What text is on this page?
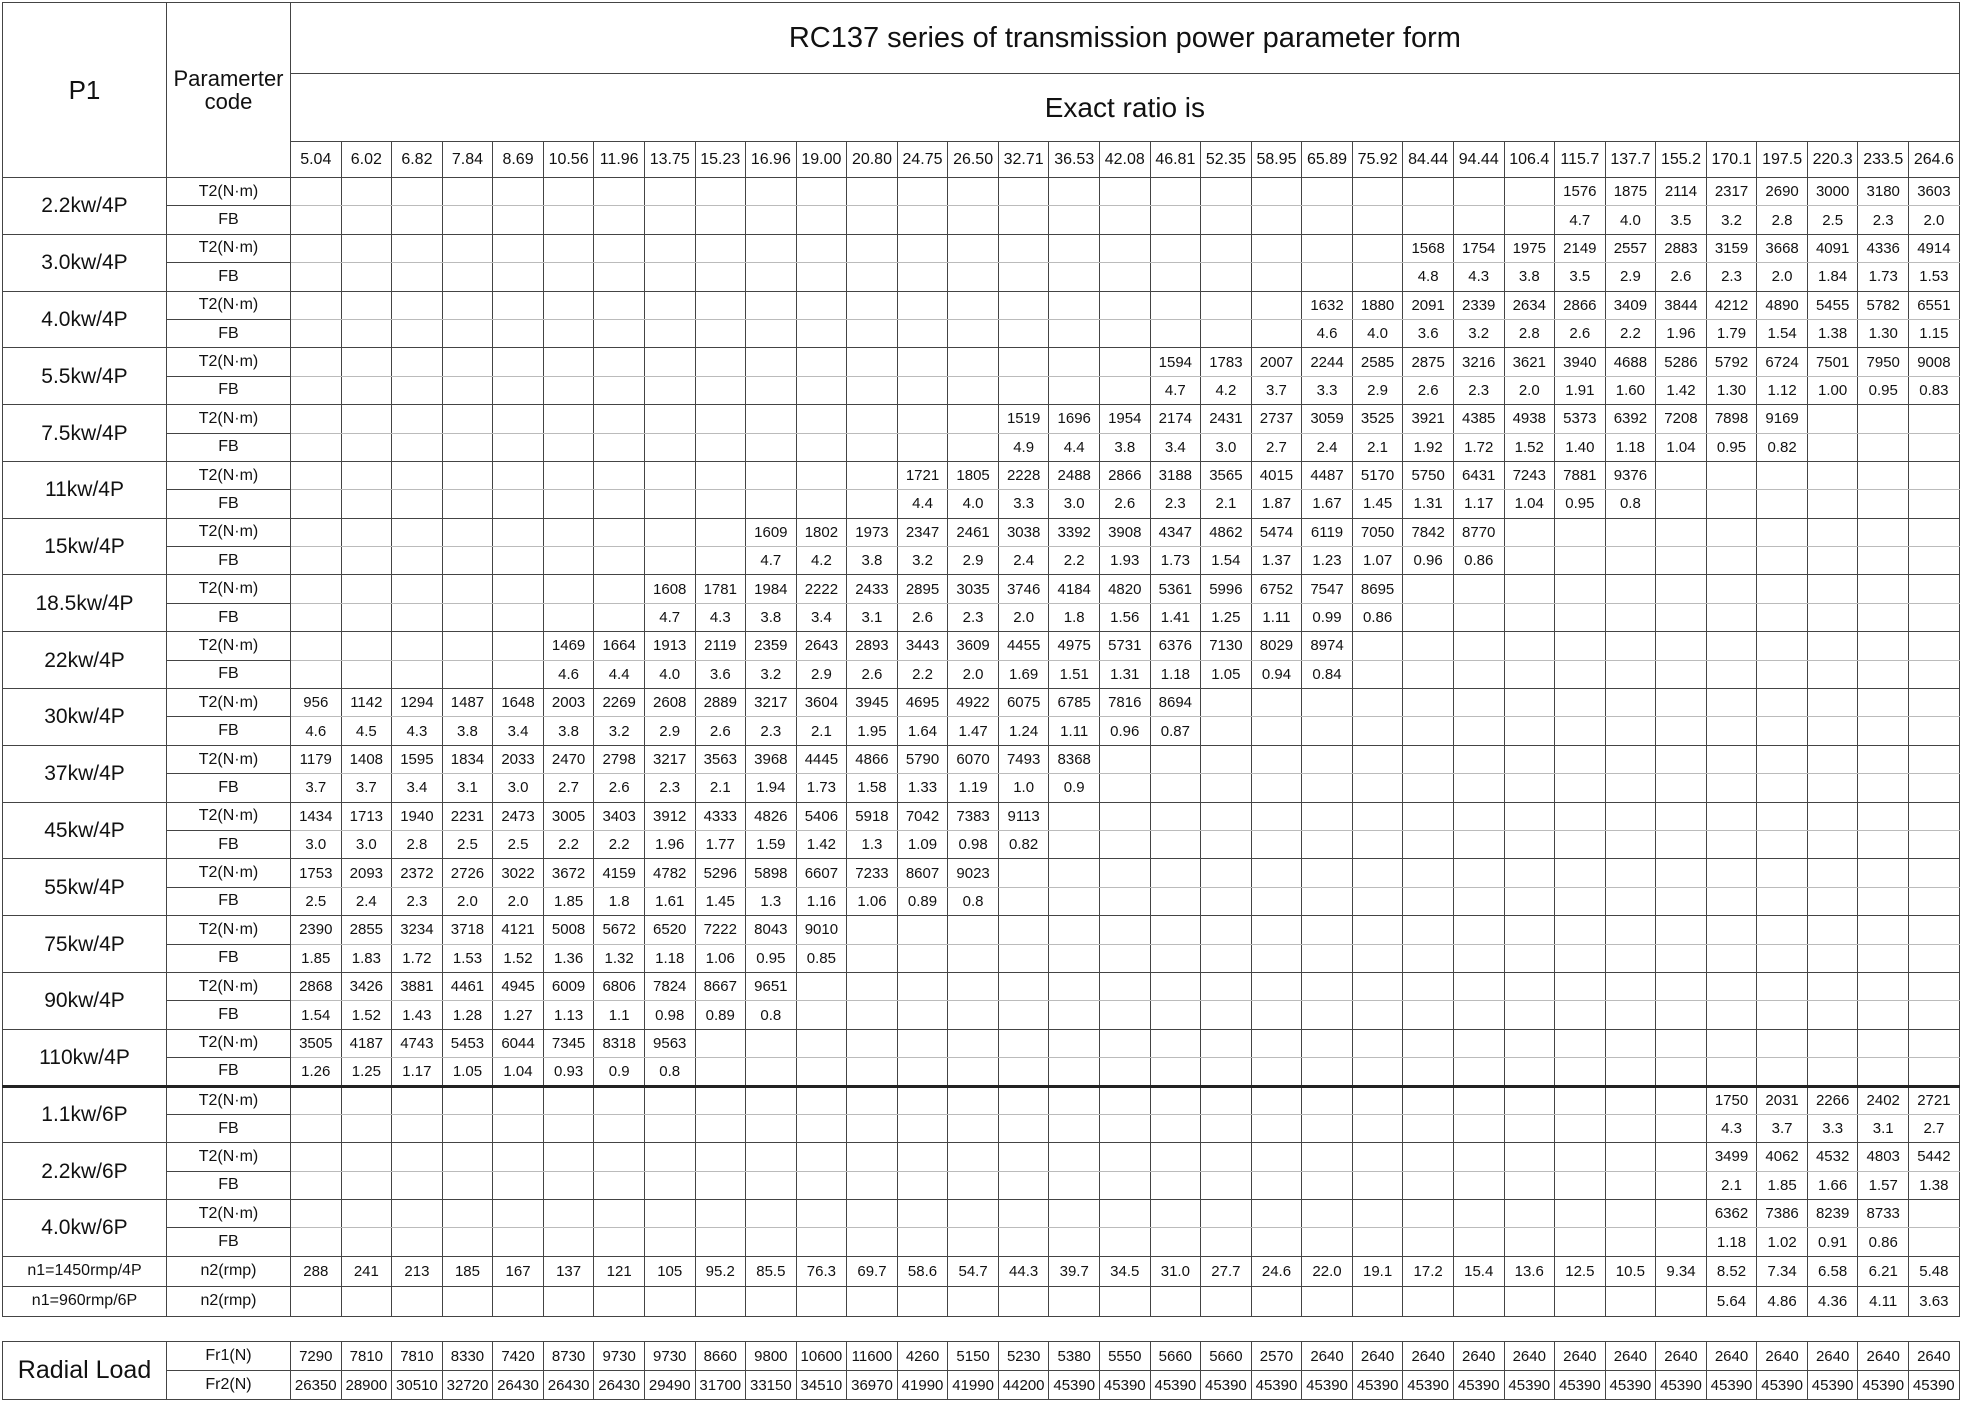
P1	Paramerter code	RC137 series of transmission power parameter form																																
		Exact ratio is																																
		5.04	6.02	6.82	7.84	8.69	10.56	11.96	13.75	15.23	16.96	19.00	20.80	24.75	26.50	32.71	36.53	42.08	46.81	52.35	58.95	65.89	75.92	84.44	94.44	106.4	115.7	137.7	155.2	170.1	197.5	220.3	233.5	264.6
2.2kw/4P	T2(N·m)																										1576	1875	2114	2317	2690	3000	3180	3603
	FB																										4.7	4.0	3.5	3.2	2.8	2.5	2.3	2.0
3.0kw/4P	T2(N·m)																							1568	1754	1975	2149	2557	2883	3159	3668	4091	4336	4914
	FB																							4.8	4.3	3.8	3.5	2.9	2.6	2.3	2.0	1.84	1.73	1.53
4.0kw/4P	T2(N·m)																					1632	1880	2091	2339	2634	2866	3409	3844	4212	4890	5455	5782	6551
	FB																					4.6	4.0	3.6	3.2	2.8	2.6	2.2	1.96	1.79	1.54	1.38	1.30	1.15
5.5kw/4P	T2(N·m)																		1594	1783	2007	2244	2585	2875	3216	3621	3940	4688	5286	5792	6724	7501	7950	9008
	FB																		4.7	4.2	3.7	3.3	2.9	2.6	2.3	2.0	1.91	1.60	1.42	1.30	1.12	1.00	0.95	0.83
7.5kw/4P	T2(N·m)															1519	1696	1954	2174	2431	2737	3059	3525	3921	4385	4938	5373	6392	7208	7898	9169			
	FB															4.9	4.4	3.8	3.4	3.0	2.7	2.4	2.1	1.92	1.72	1.52	1.40	1.18	1.04	0.95	0.82			
11kw/4P	T2(N·m)													1721	1805	2228	2488	2866	3188	3565	4015	4487	5170	5750	6431	7243	7881	9376						
	FB													4.4	4.0	3.3	3.0	2.6	2.3	2.1	1.87	1.67	1.45	1.31	1.17	1.04	0.95	0.8						
15kw/4P	T2(N·m)										1609	1802	1973	2347	2461	3038	3392	3908	4347	4862	5474	6119	7050	7842	8770									
	FB										4.7	4.2	3.8	3.2	2.9	2.4	2.2	1.93	1.73	1.54	1.37	1.23	1.07	0.96	0.86									
18.5kw/4P	T2(N·m)								1608	1781	1984	2222	2433	2895	3035	3746	4184	4820	5361	5996	6752	7547	8695											
	FB								4.7	4.3	3.8	3.4	3.1	2.6	2.3	2.0	1.8	1.56	1.41	1.25	1.11	0.99	0.86											
22kw/4P	T2(N·m)						1469	1664	1913	2119	2359	2643	2893	3443	3609	4455	4975	5731	6376	7130	8029	8974												
	FB						4.6	4.4	4.0	3.6	3.2	2.9	2.6	2.2	2.0	1.69	1.51	1.31	1.18	1.05	0.94	0.84												
30kw/4P	T2(N·m)	956	1142	1294	1487	1648	2003	2269	2608	2889	3217	3604	3945	4695	4922	6075	6785	7816	8694															
	FB	4.6	4.5	4.3	3.8	3.4	3.8	3.2	2.9	2.6	2.3	2.1	1.95	1.64	1.47	1.24	1.11	0.96	0.87															
37kw/4P	T2(N·m)	1179	1408	1595	1834	2033	2470	2798	3217	3563	3968	4445	4866	5790	6070	7493	8368																	
	FB	3.7	3.7	3.4	3.1	3.0	2.7	2.6	2.3	2.1	1.94	1.73	1.58	1.33	1.19	1.0	0.9																	
45kw/4P	T2(N·m)	1434	1713	1940	2231	2473	3005	3403	3912	4333	4826	5406	5918	7042	7383	9113																		
	FB	3.0	3.0	2.8	2.5	2.5	2.2	2.2	1.96	1.77	1.59	1.42	1.3	1.09	0.98	0.82																		
55kw/4P	T2(N·m)	1753	2093	2372	2726	3022	3672	4159	4782	5296	5898	6607	7233	8607	9023																			
	FB	2.5	2.4	2.3	2.0	2.0	1.85	1.8	1.61	1.45	1.3	1.16	1.06	0.89	0.8																			
75kw/4P	T2(N·m)	2390	2855	3234	3718	4121	5008	5672	6520	7222	8043	9010																						
	FB	1.85	1.83	1.72	1.53	1.52	1.36	1.32	1.18	1.06	0.95	0.85																						
90kw/4P	T2(N·m)	2868	3426	3881	4461	4945	6009	6806	7824	8667	9651																							
	FB	1.54	1.52	1.43	1.28	1.27	1.13	1.1	0.98	0.89	0.8																							
110kw/4P	T2(N·m)	3505	4187	4743	5453	6044	7345	8318	9563																									
	FB	1.26	1.25	1.17	1.05	1.04	0.93	0.9	0.8																									
1.1kw/6P	T2(N·m)																													1750	2031	2266	2402	2721
	FB																													4.3	3.7	3.3	3.1	2.7
2.2kw/6P	T2(N·m)																													3499	4062	4532	4803	5442
	FB																													2.1	1.85	1.66	1.57	1.38
4.0kw/6P	T2(N·m)																													6362	7386	8239	8733	
	FB																													1.18	1.02	0.91	0.86	
n1=1450rmp/4P	n2(rmp)	288	241	213	185	167	137	121	105	95.2	85.5	76.3	69.7	58.6	54.7	44.3	39.7	34.5	31.0	27.7	24.6	22.0	19.1	17.2	15.4	13.6	12.5	10.5	9.34	8.52	7.34	6.58	6.21	5.48
n1=960rmp/6P	n2(rmp)																													5.64	4.86	4.36	4.11	3.63
Radial Load	Fr1(N)	7290	7810	7810	8330	7420	8730	9730	9730	8660	9800	10600	11600	4260	5150	5230	5380	5550	5660	5660	2570	2640	2640	2640	2640	2640	2640	2640	2640	2640	2640	2640	2640	2640
	Fr2(N)	26350	28900	30510	32720	26430	26430	26430	29490	31700	33150	34510	36970	41990	41990	44200	45390	45390	45390	45390	45390	45390	45390	45390	45390	45390	45390	45390	45390	45390	45390	45390	45390	45390
